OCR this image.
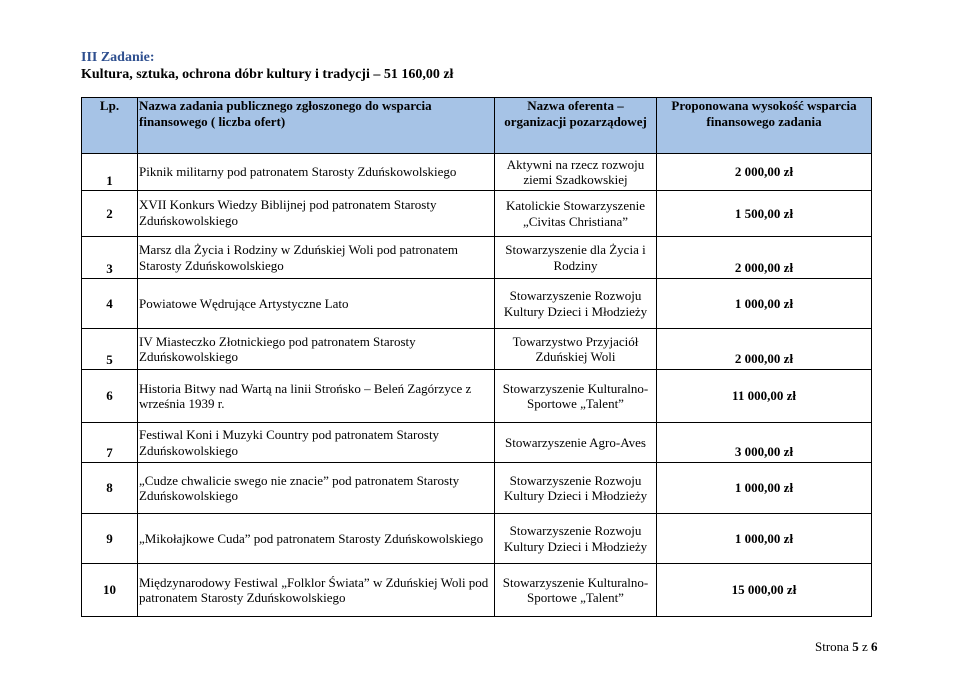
III Zadanie:
Kultura, sztuka, ochrona dóbr kultury i tradycji – 51 160,00 zł
Lp.	Nazwa zadania publicznego zgłoszonego do wsparcia finansowego ( liczba ofert)	Nazwa oferenta – organizacji pozarządowej	Proponowana wysokość wsparcia finansowego zadania
1	Piknik militarny pod patronatem Starosty Zduńskowolskiego	Aktywni na rzecz rozwoju ziemi Szadkowskiej	2 000,00 zł
2	XVII Konkurs Wiedzy Biblijnej pod patronatem Starosty Zduńskowolskiego	Katolickie Stowarzyszenie „Civitas Christiana”	1 500,00 zł
3	Marsz dla Życia i Rodziny w Zduńskiej Woli pod patronatem Starosty Zduńskowolskiego	Stowarzyszenie dla Życia i Rodziny	2 000,00 zł
4	Powiatowe Wędrujące Artystyczne Lato	Stowarzyszenie Rozwoju Kultury Dzieci i Młodzieży	1 000,00 zł
5	IV Miasteczko Złotnickiego pod patronatem Starosty Zduńskowolskiego	Towarzystwo Przyjaciół Zduńskiej Woli	2 000,00 zł
6	Historia Bitwy nad Wartą na linii Strońsko – Beleń Zagórzyce z września 1939 r.	Stowarzyszenie Kulturalno-Sportowe „Talent”	11 000,00 zł
7	Festiwal Koni i Muzyki Country pod patronatem Starosty Zduńskowolskiego	Stowarzyszenie Agro-Aves	3 000,00 zł
8	„Cudze chwalicie swego nie znacie” pod patronatem Starosty Zduńskowolskiego	Stowarzyszenie Rozwoju Kultury Dzieci i Młodzieży	1 000,00 zł
9	„Mikołajkowe Cuda” pod patronatem Starosty Zduńskowolskiego	Stowarzyszenie Rozwoju Kultury Dzieci i Młodzieży	1 000,00 zł
10	Międzynarodowy Festiwal „Folklor Świata” w Zduńskiej Woli pod patronatem Starosty Zduńskowolskiego	Stowarzyszenie Kulturalno-Sportowe „Talent”	15 000,00 zł
Strona 5 z 6
